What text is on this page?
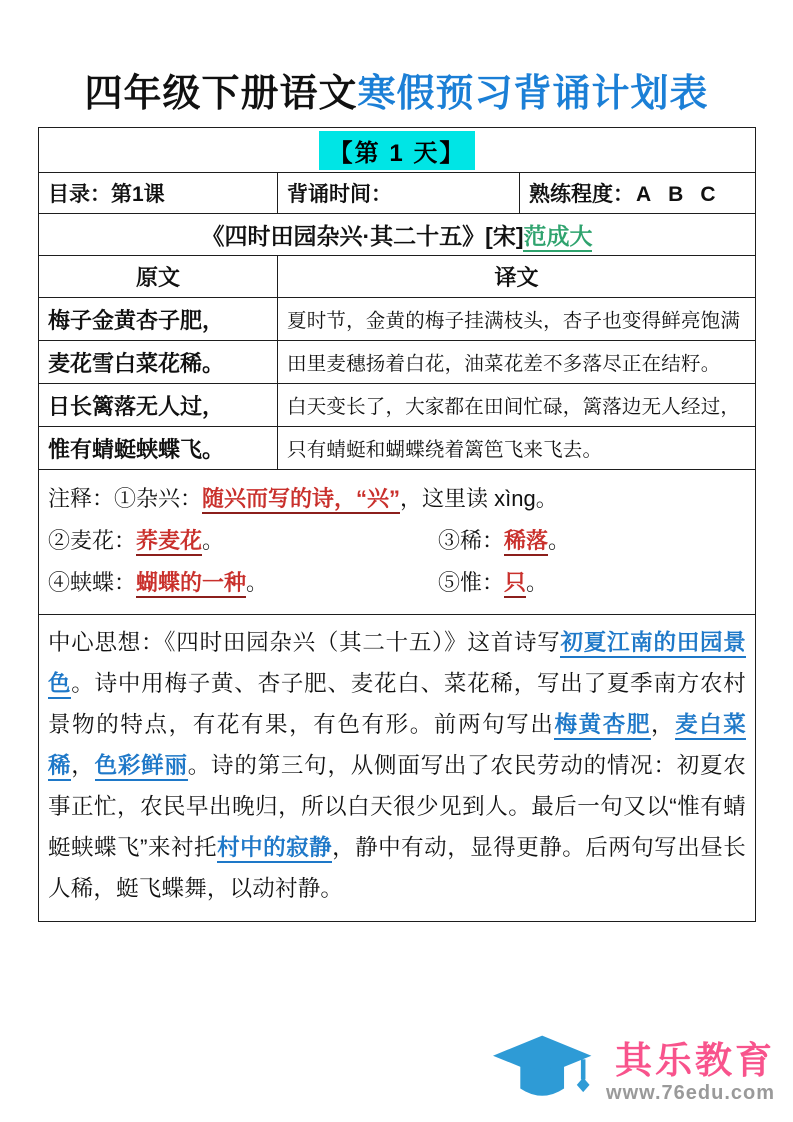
四年级下册语文寒假预习背诵计划表
【第 1 天】		
目录：第1课	背诵时间：	熟练程度：A B C
《四时田园杂兴·其二十五》[宋]范成大		
原文	译文	
梅子金黄杏子肥，	夏时节，金黄的梅子挂满枝头，杏子也变得鲜亮饱满	
麦花雪白菜花稀。	田里麦穗扬着白花，油菜花差不多落尽正在结籽。	
日长篱落无人过，	白天变长了，大家都在田间忙碌，篱落边无人经过，	
惟有蜻蜓蛱蝶飞。	只有蜻蜓和蝴蝶绕着篱笆飞来飞去。	

注释：①杂兴：随兴而写的诗，“兴”，这里读 xìng。
②麦花：荞麦花。 ③稀：稀落。
④蛱蝶：蝴蝶的一种。 ⑤惟：只。		

中心思想：《四时田园杂兴（其二十五）》这首诗写初夏江南的田园景色。诗中用梅子黄、杏子肥、麦花白、菜花稀，写出了夏季南方农村景物的特点，有花有果，有色有形。前两句写出梅黄杏肥，麦白菜稀，色彩鲜丽。诗的第三句，从侧面写出了农民劳动的情况：初夏农事正忙，农民早出晚归，所以白天很少见到人。最后一句又以“惟有蜻蜓蛱蝶飞”来衬托村中的寂静，静中有动，显得更静。后两句写出昼长人稀，蜓飞蝶舞，以动衬静。		
其乐教育
www.76edu.com
